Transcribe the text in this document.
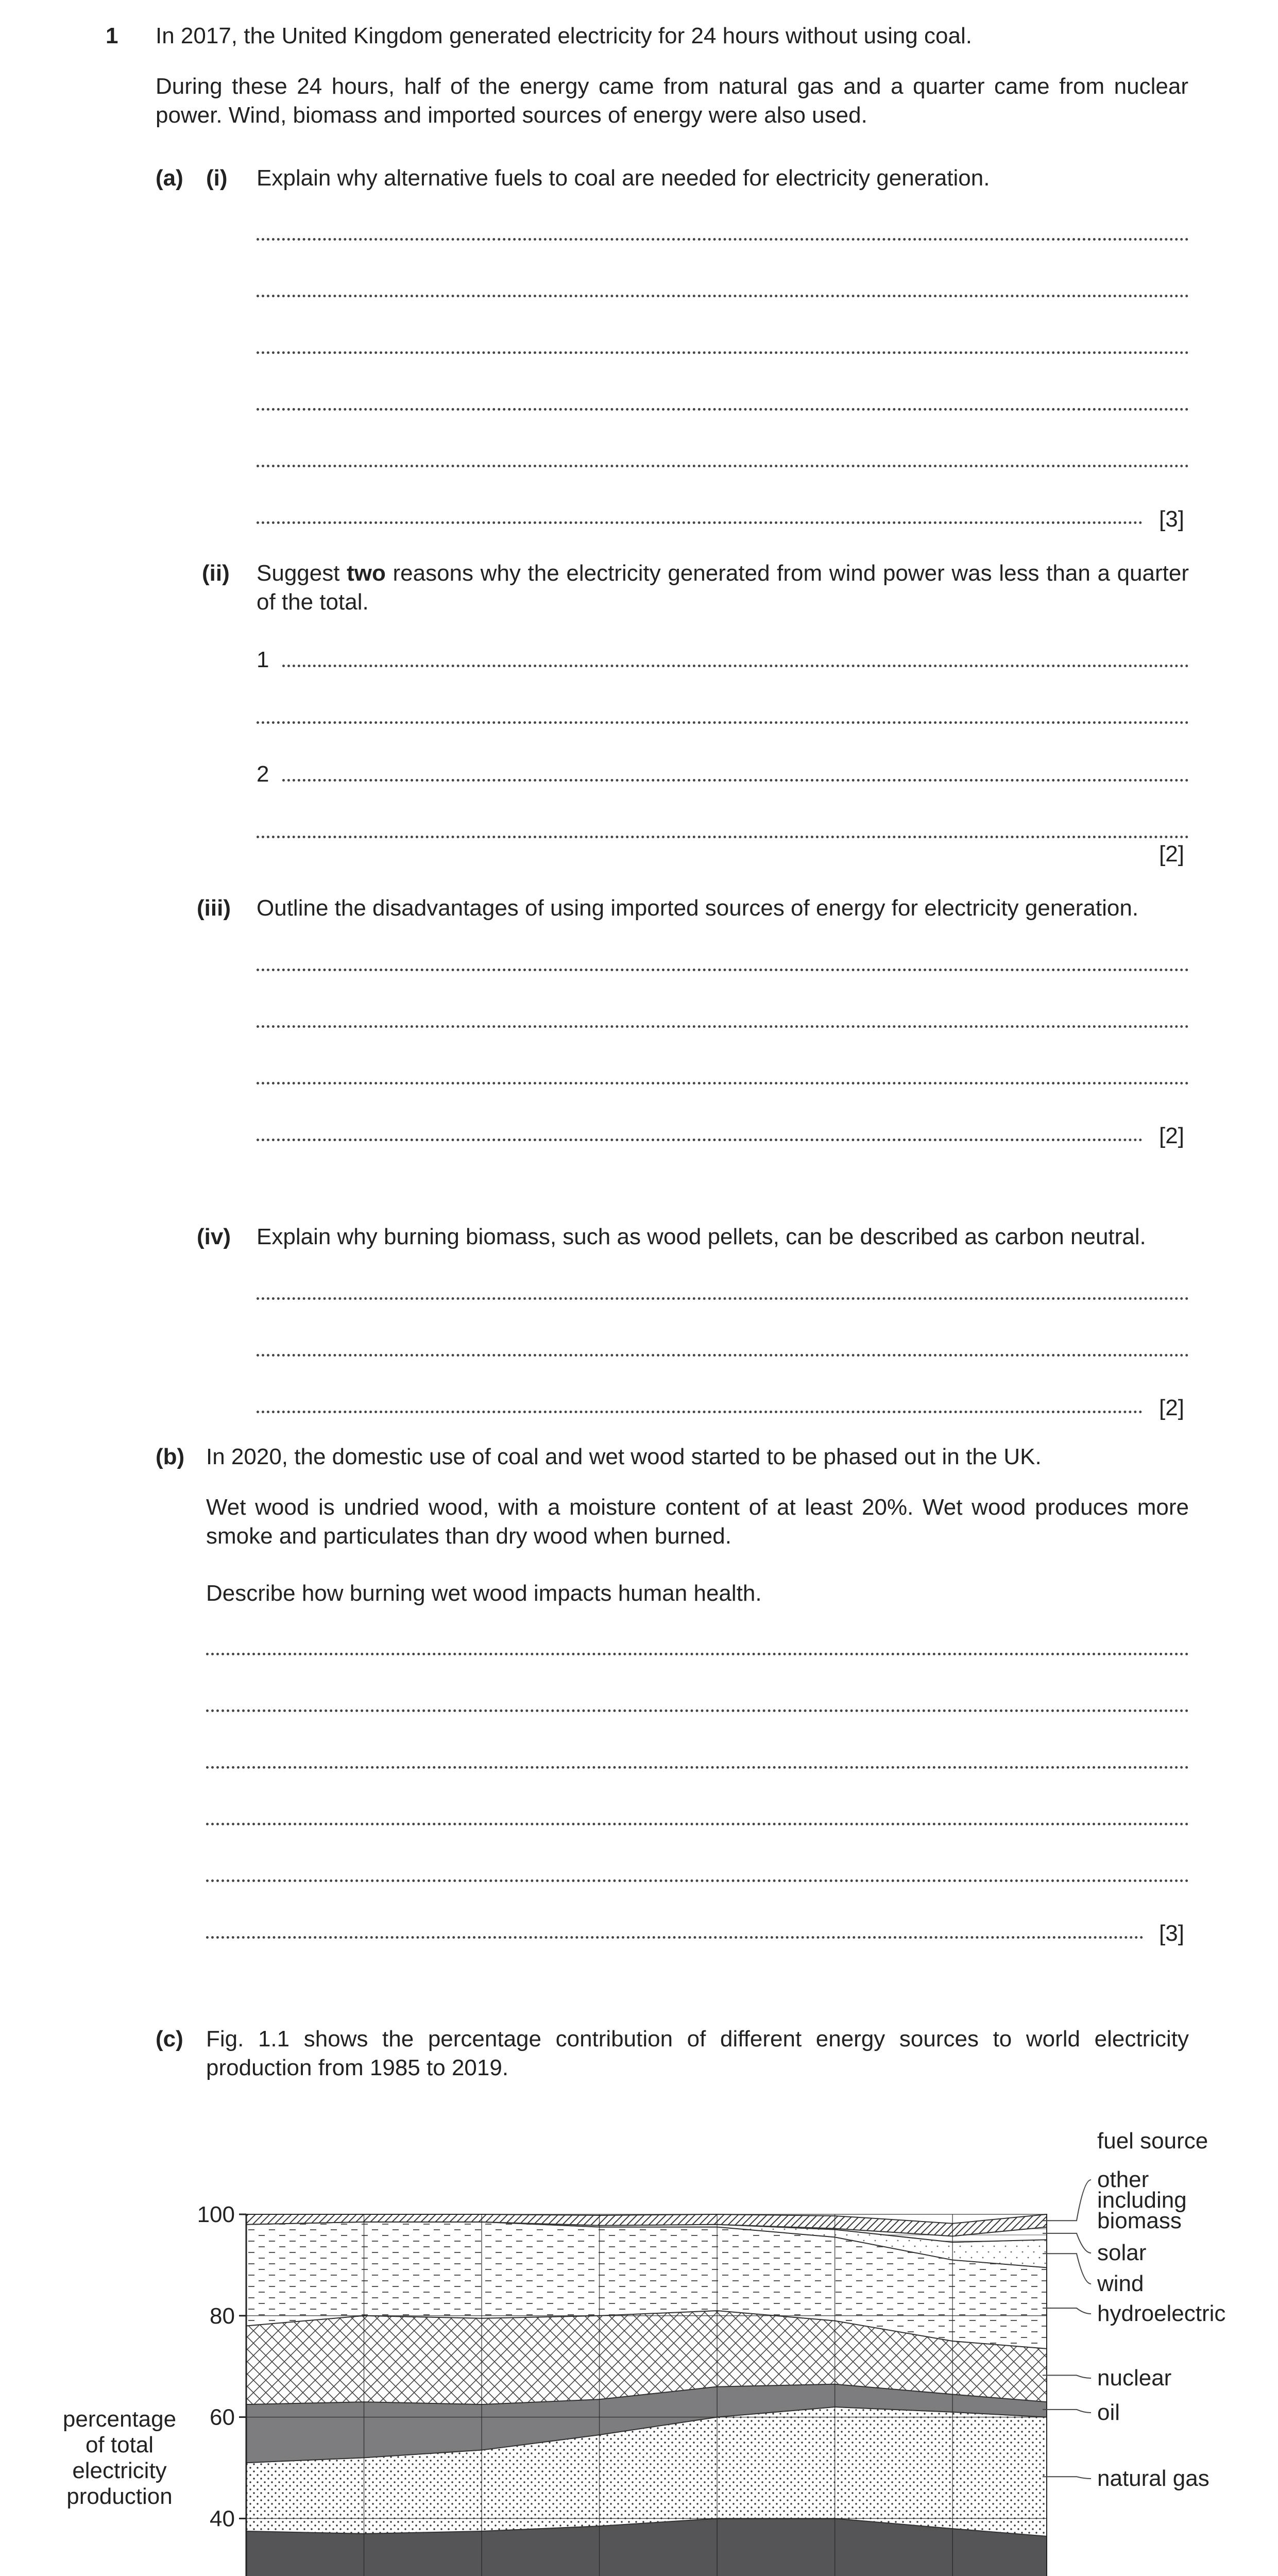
1 In 2017, the United Kingdom generated electricity for 24 hours without using coal.
During these 24 hours, half of the energy came from natural gas and a quarter came from nuclear power. Wind, biomass and imported sources of energy were also used.
(a) (i) Explain why alternative fuels to coal are needed for electricity generation.
[3]
(ii) Suggest two reasons why the electricity generated from wind power was less than a quarter of the total.
1
2
[2]
(iii) Outline the disadvantages of using imported sources of energy for electricity generation.
[2]
(iv) Explain why burning biomass, such as wood pellets, can be described as carbon neutral.
[2]
(b) In 2020, the domestic use of coal and wet wood started to be phased out in the UK.
Wet wood is undried wood, with a moisture content of at least 20%. Wet wood produces more smoke and particulates than dry wood when burned.
Describe how burning wet wood impacts human health.
[3]
(c) Fig. 1.1 shows the percentage contribution of different energy sources to world electricity production from 1985 to 2019.
40
60
80
100
percentage
of total
electricity
production
fuel source
other
including
biomass
solar
wind
hydroelectric
nuclear
oil
natural gas
